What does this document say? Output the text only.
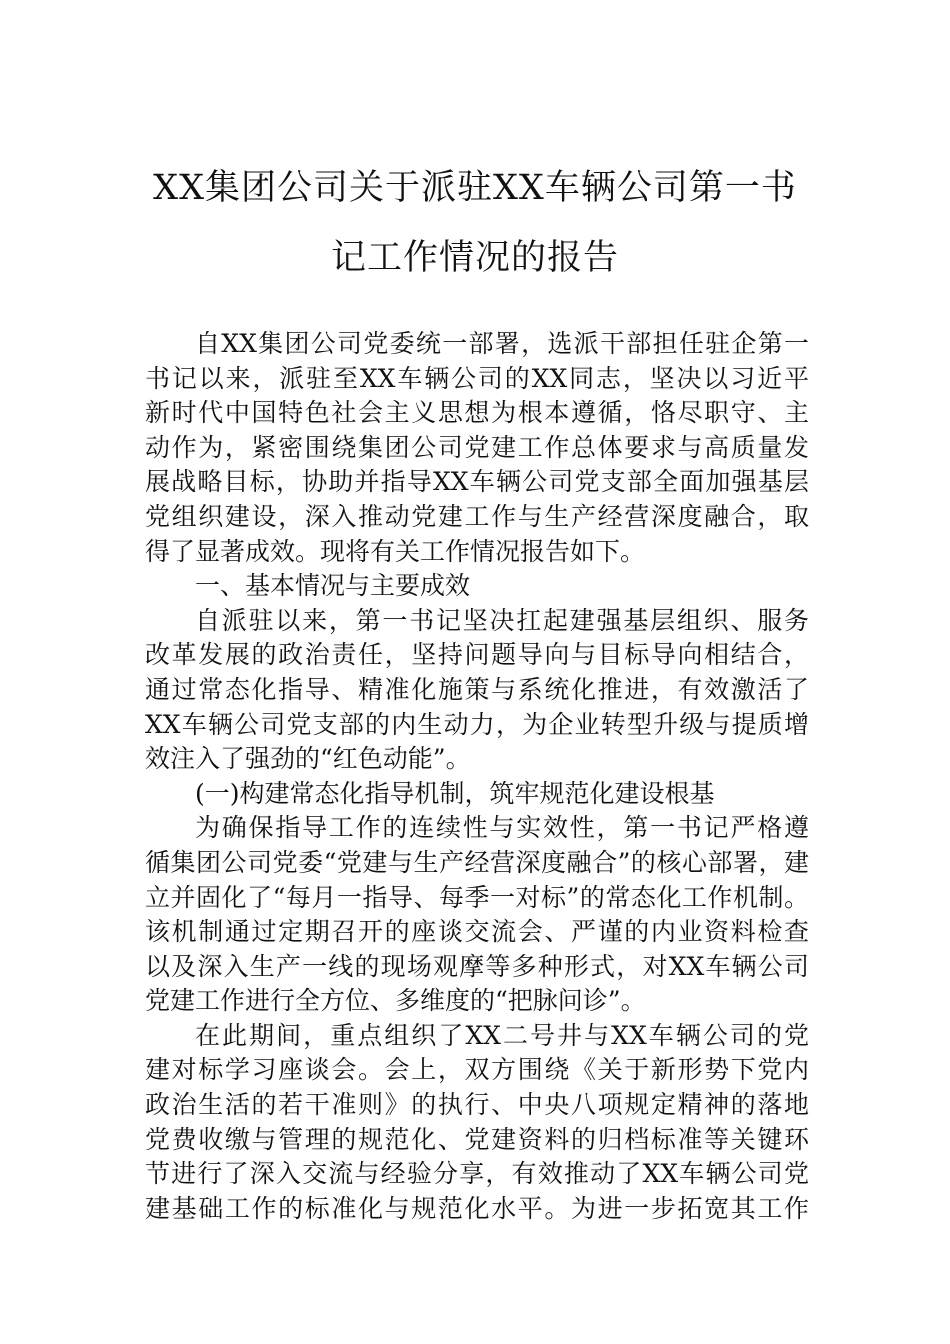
XX集团公司关于派驻XX车辆公司第一书
记工作情况的报告
自XX集团公司党委统一部署，选派干部担任驻企第一
书记以来，派驻至XX车辆公司的XX同志，坚决以习近平
新时代中国特色社会主义思想为根本遵循，恪尽职守、主
动作为，紧密围绕集团公司党建工作总体要求与高质量发
展战略目标，协助并指导XX车辆公司党支部全面加强基层
党组织建设，深入推动党建工作与生产经营深度融合，取
得了显著成效。现将有关工作情况报告如下。
一、基本情况与主要成效
自派驻以来，第一书记坚决扛起建强基层组织、服务
改革发展的政治责任，坚持问题导向与目标导向相结合，
通过常态化指导、精准化施策与系统化推进，有效激活了
XX车辆公司党支部的内生动力，为企业转型升级与提质增
效注入了强劲的“红色动能”。
(一)构建常态化指导机制，筑牢规范化建设根基
为确保指导工作的连续性与实效性，第一书记严格遵
循集团公司党委“党建与生产经营深度融合”的核心部署，建
立并固化了“每月一指导、每季一对标”的常态化工作机制。
该机制通过定期召开的座谈交流会、严谨的内业资料检查
以及深入生产一线的现场观摩等多种形式，对XX车辆公司
党建工作进行全方位、多维度的“把脉问诊”。
在此期间，重点组织了XX二号井与XX车辆公司的党
建对标学习座谈会。会上，双方围绕《关于新形势下党内
政治生活的若干准则》的执行、中央八项规定精神的落地
党费收缴与管理的规范化、党建资料的归档标准等关键环
节进行了深入交流与经验分享，有效推动了XX车辆公司党
建基础工作的标准化与规范化水平。为进一步拓宽其工作
